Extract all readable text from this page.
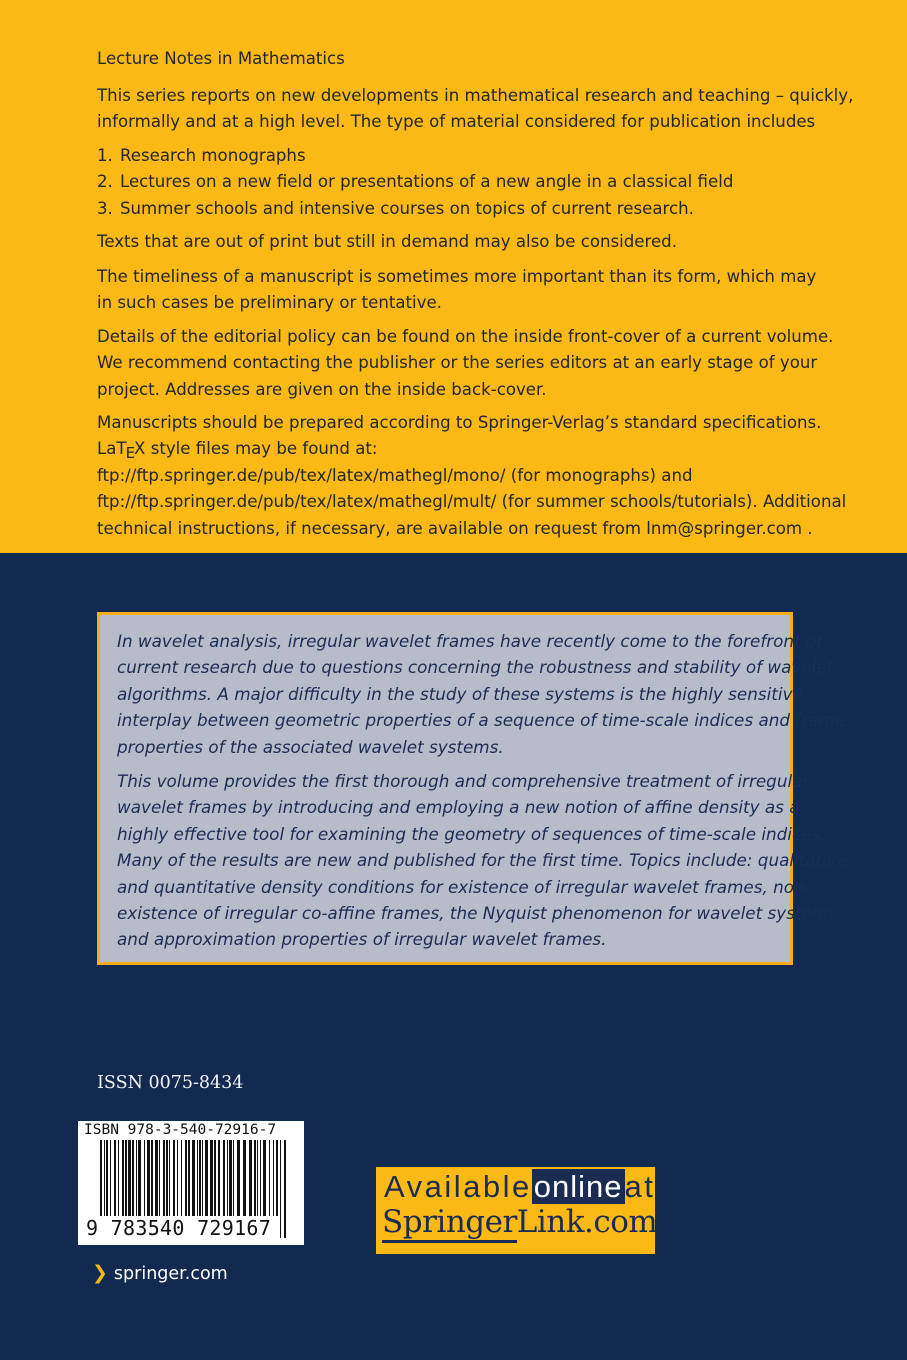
Lecture Notes in Mathematics
This series reports on new developments in mathematical research and teaching – quickly,
informally and at a high level. The type of material considered for publication includes
1. Research monographs
2. Lectures on a new field or presentations of a new angle in a classical field
3. Summer schools and intensive courses on topics of current research.
Texts that are out of print but still in demand may also be considered.
The timeliness of a manuscript is sometimes more important than its form, which may
in such cases be preliminary or tentative.
Details of the editorial policy can be found on the inside front-cover of a current volume.
We recommend contacting the publisher or the series editors at an early stage of your
project. Addresses are given on the inside back-cover.
Manuscripts should be prepared according to Springer-Verlag’s standard specifications.
LaTEX style files may be found at:
ftp://ftp.springer.de/pub/tex/latex/mathegl/mono/ (for monographs) and
ftp://ftp.springer.de/pub/tex/latex/mathegl/mult/ (for summer schools/tutorials). Additional
technical instructions, if necessary, are available on request from lnm@springer.com .
In wavelet analysis, irregular wavelet frames have recently come to the forefront of
current research due to questions concerning the robustness and stability of wavelet
algorithms. A major difficulty in the study of these systems is the highly sensitive
interplay between geometric properties of a sequence of time-scale indices and frame
properties of the associated wavelet systems.
This volume provides the first thorough and comprehensive treatment of irregular
wavelet frames by introducing and employing a new notion of affine density as a
highly effective tool for examining the geometry of sequences of time-scale indices.
Many of the results are new and published for the first time. Topics include: qualitative
and quantitative density conditions for existence of irregular wavelet frames, non-
existence of irregular co-affine frames, the Nyquist phenomenon for wavelet systems,
and approximation properties of irregular wavelet frames.
ISSN 0075-8434
ISBN 978-3-540-72916-7
9 783540 729167
❯ springer.com
Availableonlineat
SpringerLink.com
